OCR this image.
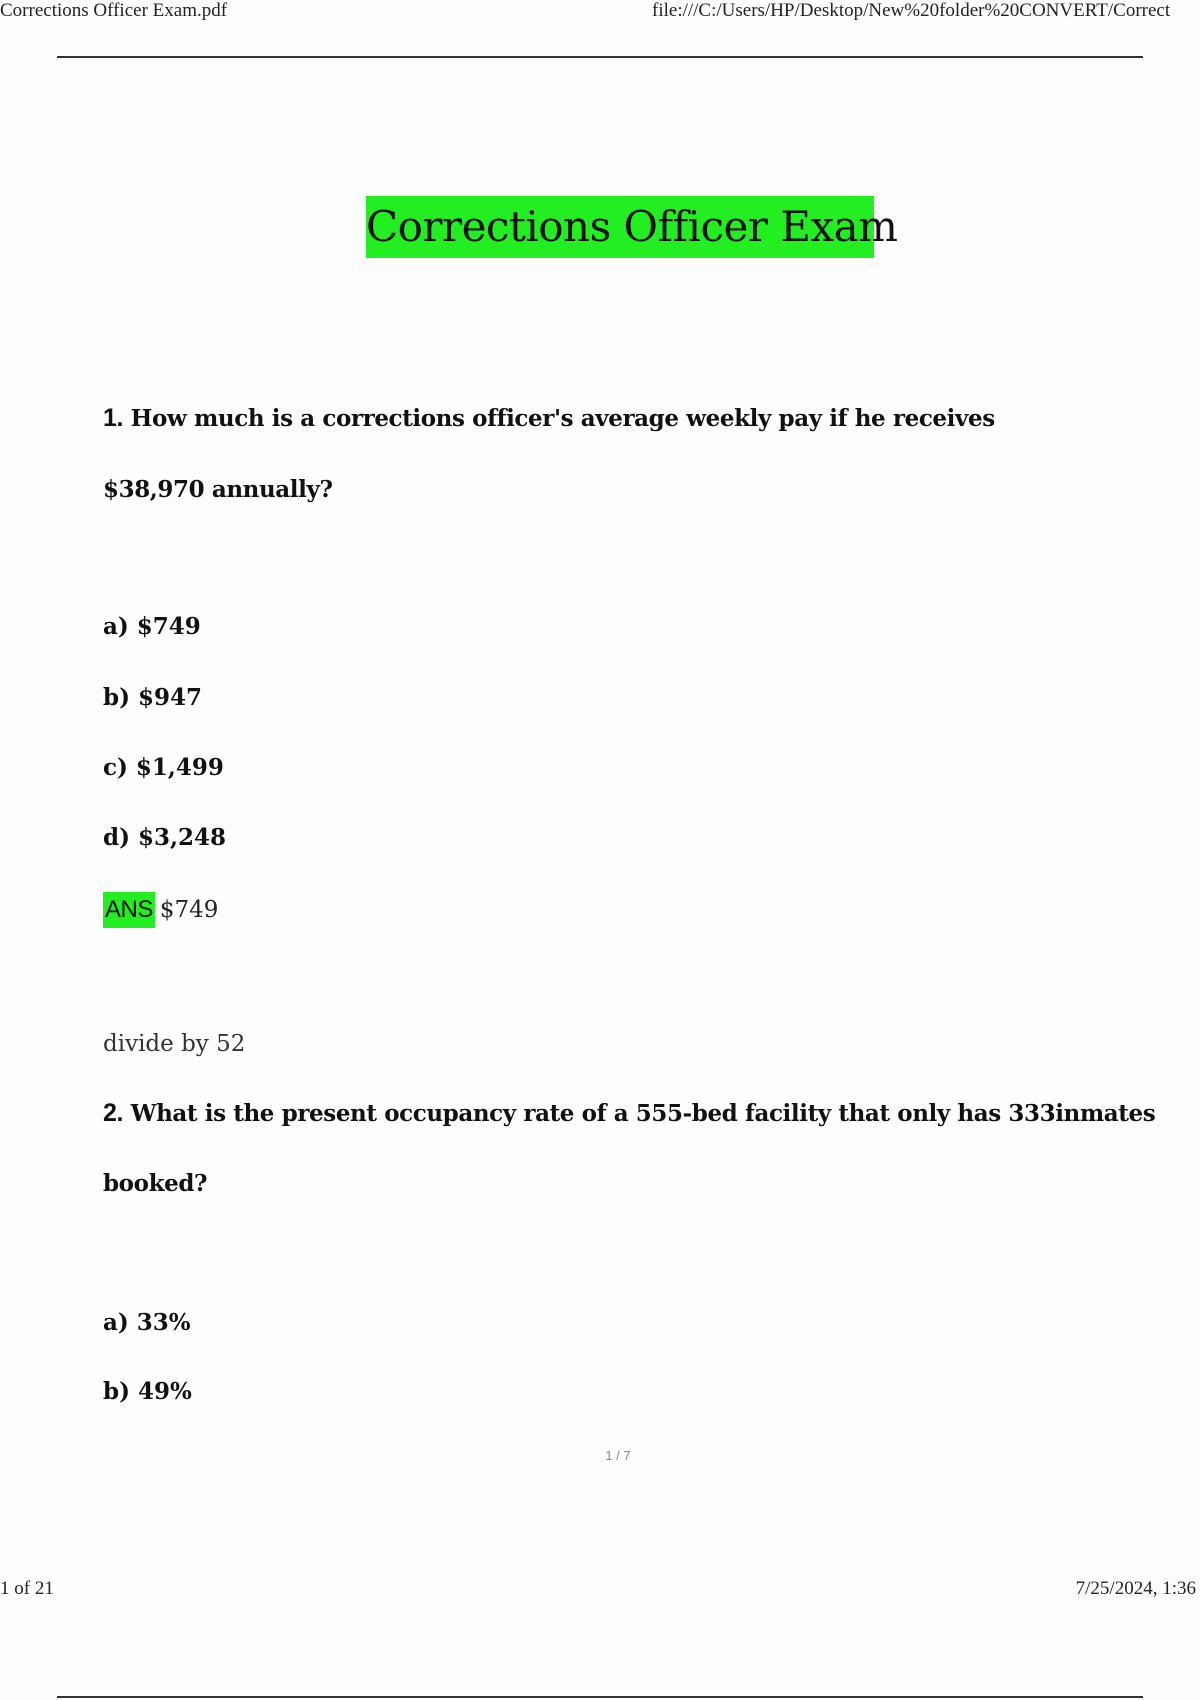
Corrections Officer Exam.pdf	file:///C:/Users/HP/Desktop/New%20folder%20CONVERT/Correct
Corrections Officer Exam
1. How much is a corrections officer's average weekly pay if he receives
$38,970 annually?
a) $749
b) $947
c) $1,499
d) $3,248
ANS $749
divide by 52
2. What is the present occupancy rate of a 555-bed facility that only has 333inmates
booked?
a) 33%
b) 49%
1 / 7
1 of 21	7/25/2024, 1:36
